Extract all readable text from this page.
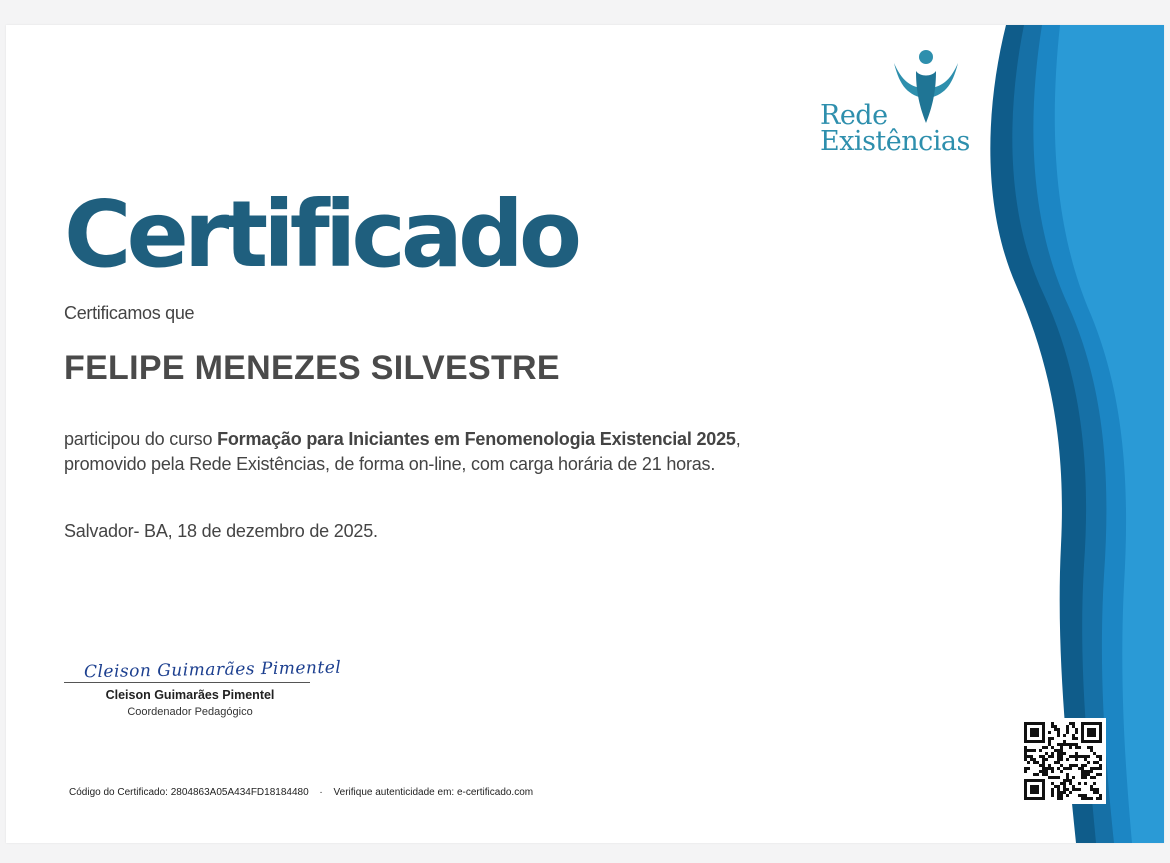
Rede
Existências
Certificado
Certificamos que
FELIPE MENEZES SILVESTRE
participou do curso Formação para Iniciantes em Fenomenologia Existencial 2025,
promovido pela Rede Existências, de forma on-line, com carga horária de 21 horas.
Salvador- BA, 18 de dezembro de 2025.
Cleison Guimarães Pimentel
Cleison Guimarães Pimentel
Coordenador Pedagógico
Código do Certificado: 2804863A05A434FD18184480 · Verifique autenticidade em: e-certificado.com
